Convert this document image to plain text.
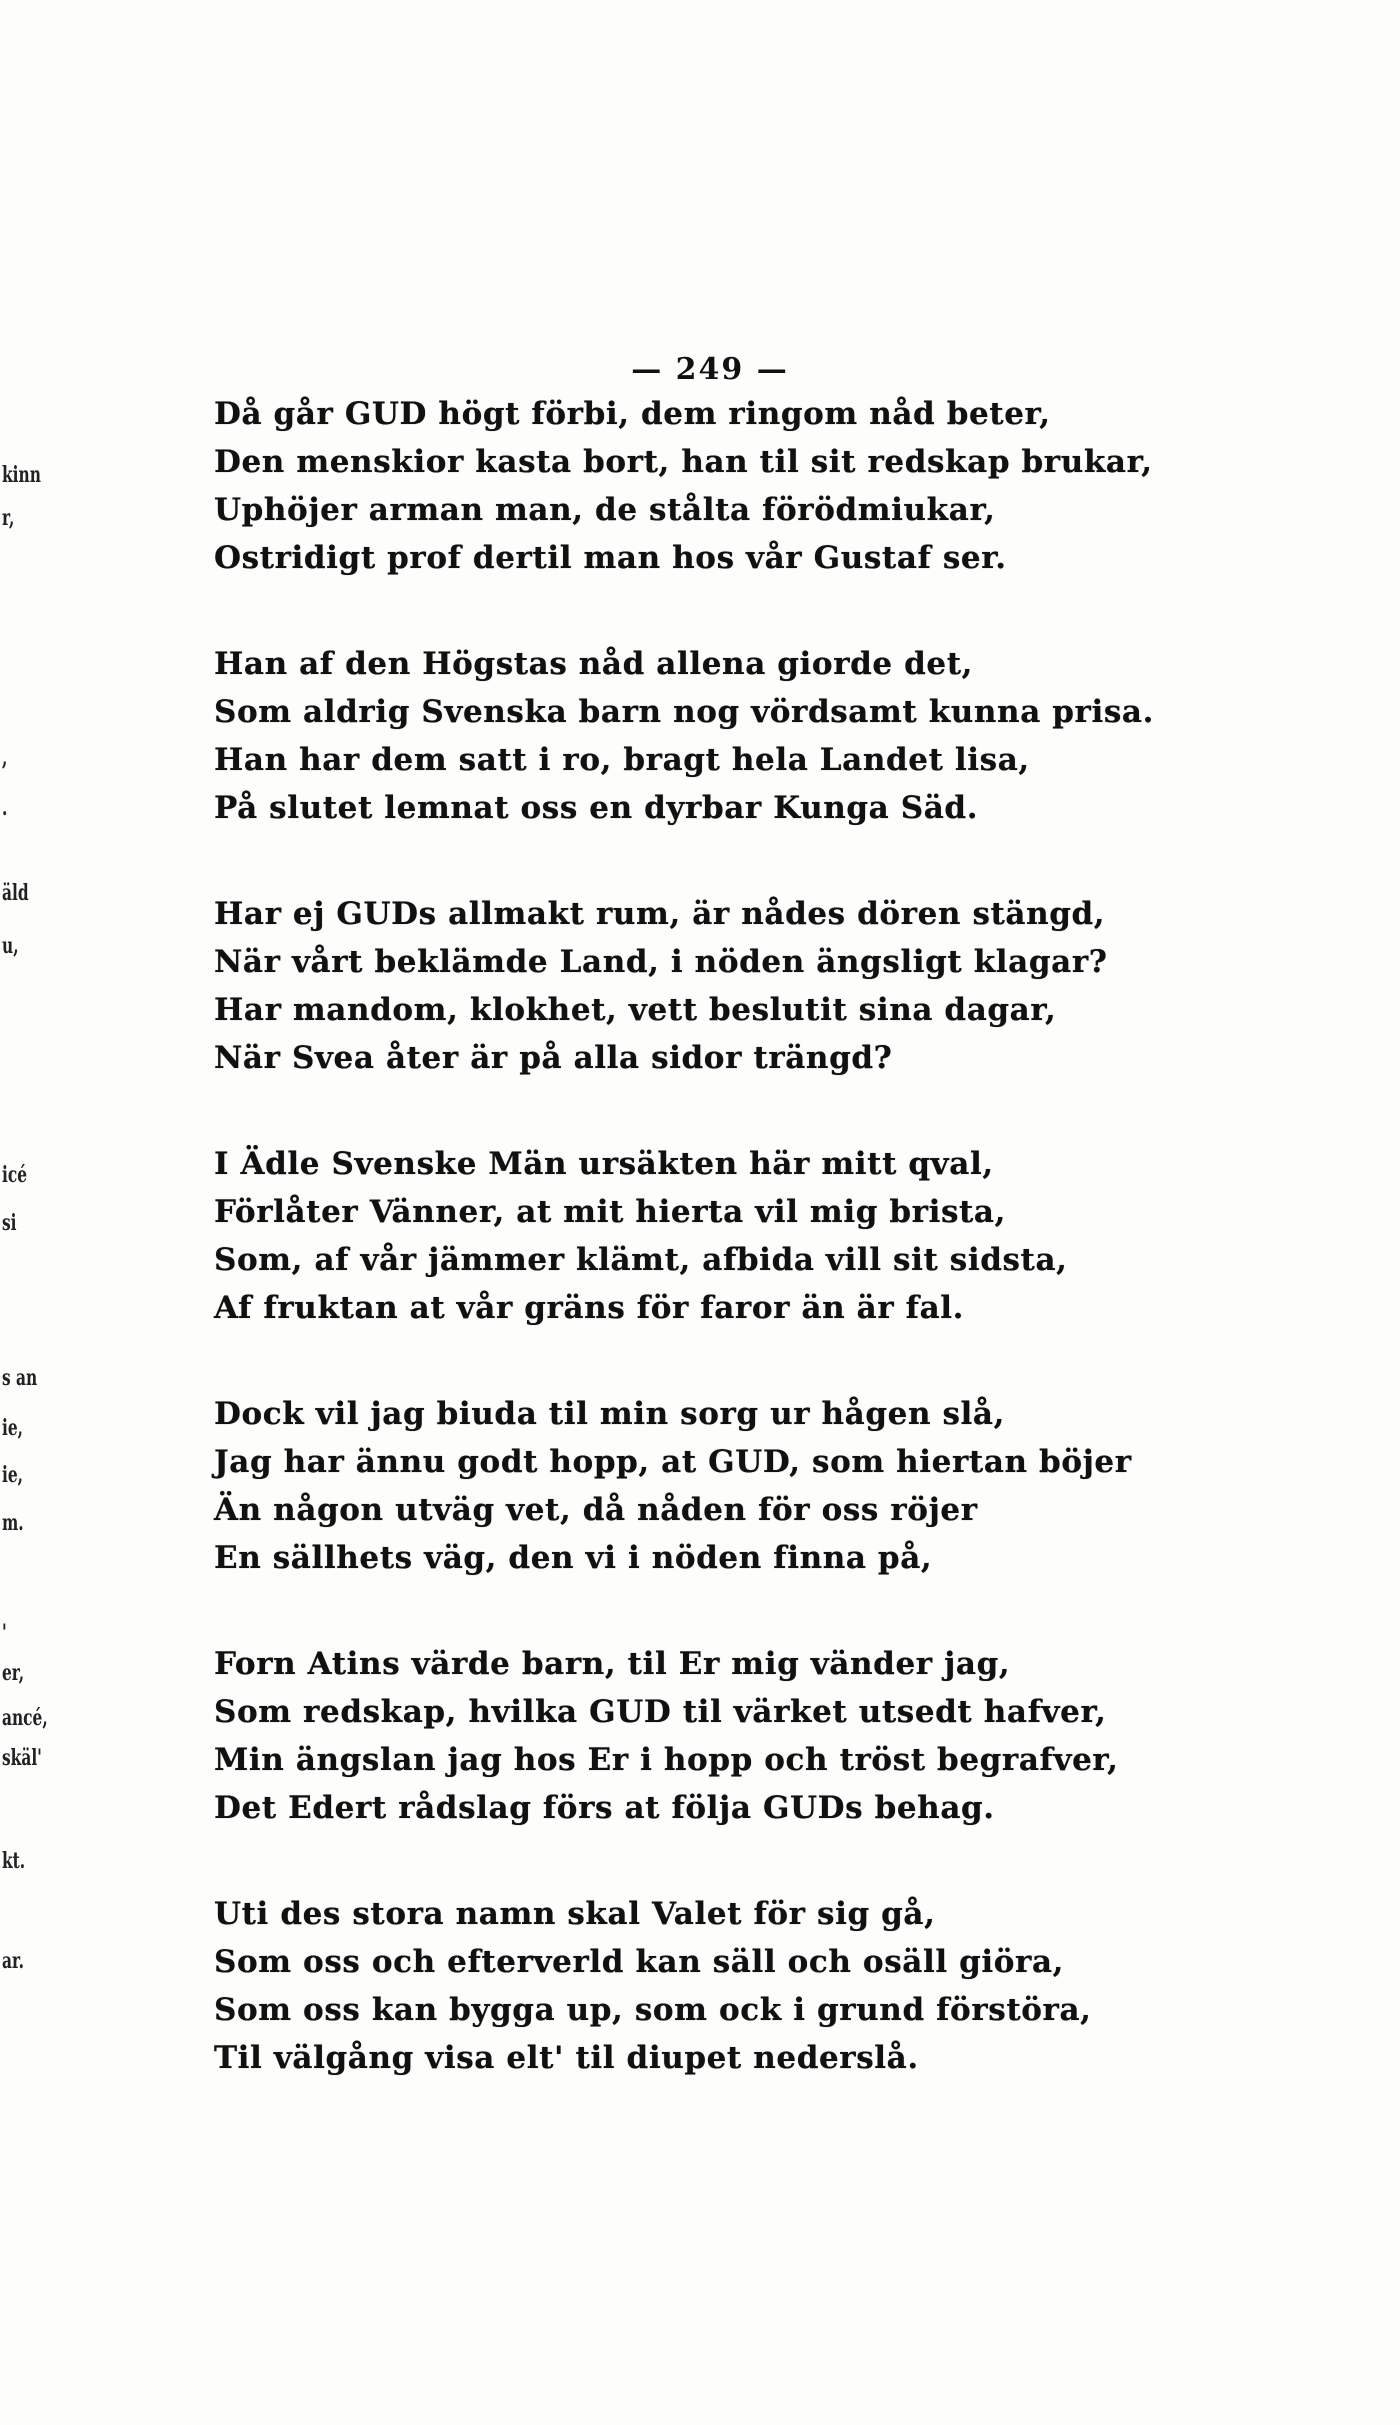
— 249 —
kinn
r,
,
.
äld
u,
icé
si
s an
ie,
ie,
m.
'
er,
ancé,
skäl'
kt.
ar.
Då går GUD högt förbi, dem ringom nåd beter,
Den menskior kasta bort, han til sit redskap brukar,
Uphöjer arman man, de stålta förödmiukar,
Ostridigt prof dertil man hos vår Gustaf ser.
Han af den Högstas nåd allena giorde det,
Som aldrig Svenska barn nog vördsamt kunna prisa.
Han har dem satt i ro, bragt hela Landet lisa,
På slutet lemnat oss en dyrbar Kunga Säd.
Har ej GUDs allmakt rum, är nådes dören stängd,
När vårt beklämde Land, i nöden ängsligt klagar?
Har mandom, klokhet, vett beslutit sina dagar,
När Svea åter är på alla sidor trängd?
I Ädle Svenske Män ursäkten här mitt qval,
Förlåter Vänner, at mit hierta vil mig brista,
Som, af vår jämmer klämt, afbida vill sit sidsta,
Af fruktan at vår gräns för faror än är fal.
Dock vil jag biuda til min sorg ur hågen slå,
Jag har ännu godt hopp, at GUD, som hiertan böjer
Än någon utväg vet, då nåden för oss röjer
En sällhets väg, den vi i nöden finna på,
Forn Atins värde barn, til Er mig vänder jag,
Som redskap, hvilka GUD til värket utsedt hafver,
Min ängslan jag hos Er i hopp och tröst begrafver,
Det Edert rådslag förs at följa GUDs behag.
Uti des stora namn skal Valet för sig gå,
Som oss och efterverld kan säll och osäll giöra,
Som oss kan bygga up, som ock i grund förstöra,
Til välgång visa elt' til diupet nederslå.
